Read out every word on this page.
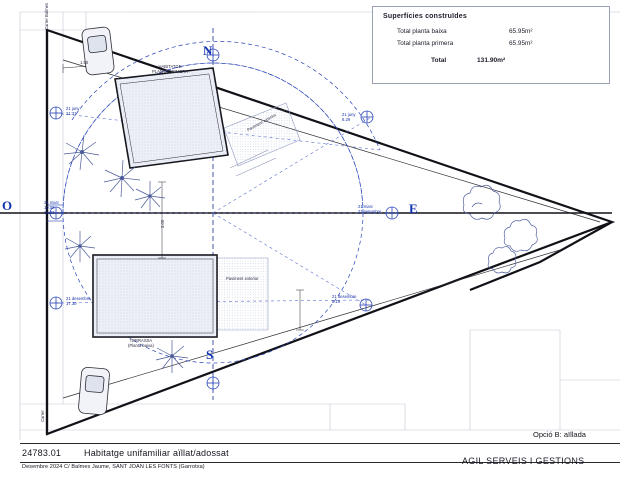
Superfícies construïdes
Total planta baixa	65.95m²
Total planta primera	65.95m²
Total	131.90m²
N
E
S
O
21 juny
21:31
21 marc
10:08
19.63
21 marc
21 setembre
21 desembre
17.30
21 juny
8.29
21 desembre
8.19
HABITATGE
PLANTA PRIMERA
TERRASSA
(Planta baixa)
Paviment exterior
Paviment exterior
1.50
3.00
Carrer Balmes
Carrer
Opció B: aïllada
24783.01	Habitatge unifamiliar aïllat/adossat
Desembre 2024 C/ Balmes Jaume, SANT JOAN LES FONTS (Garrotxa)
AGIL SERVEIS I GESTIONS
